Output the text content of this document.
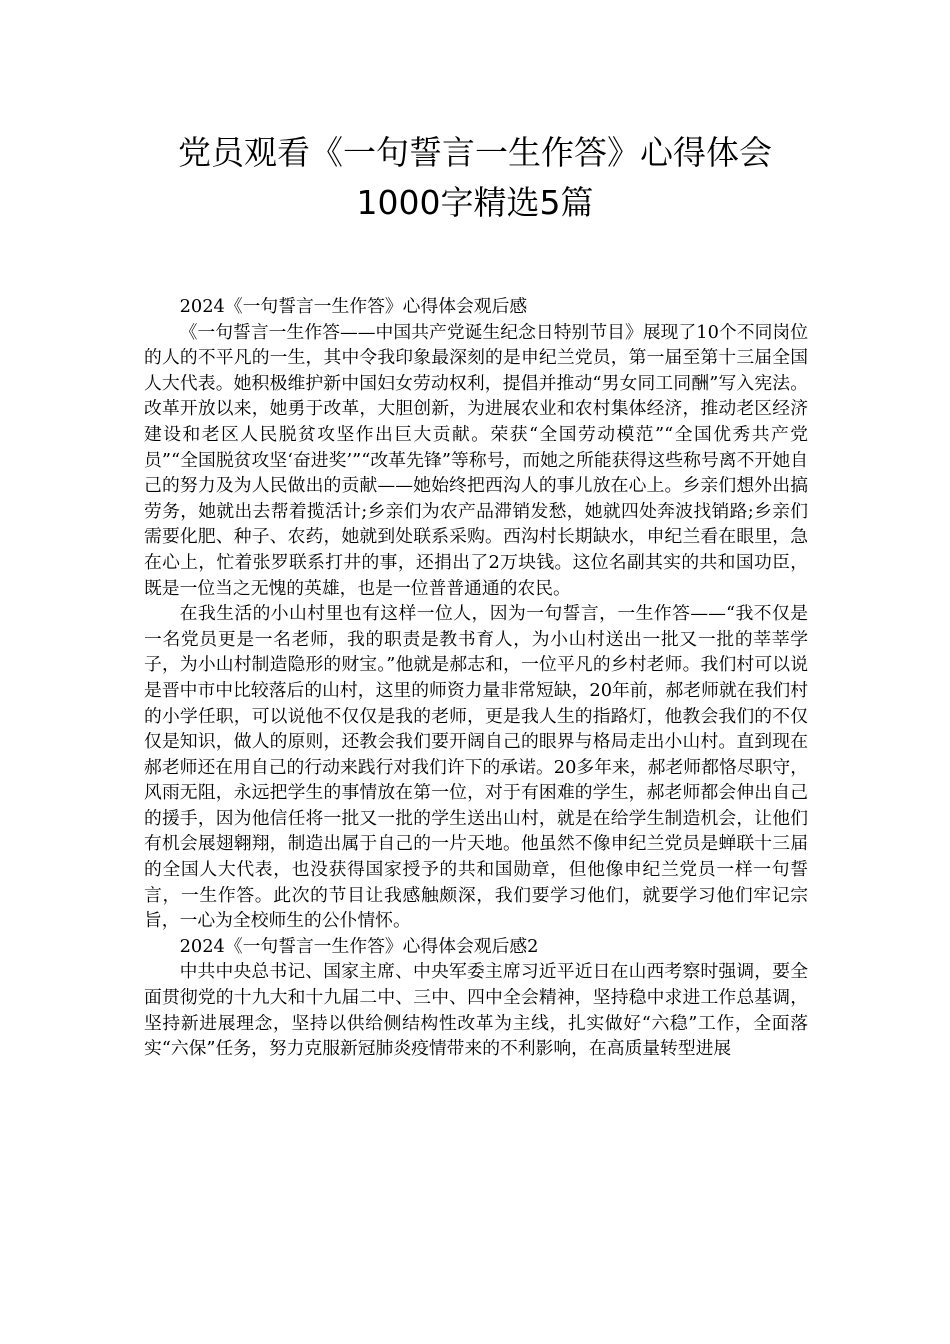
党员观看《一句誓言一生作答》心得体会1000字精选5篇

2024《一句誓言一生作答》心得体会观后感

《一句誓言一生作答——中国共产党诞生纪念日特别节目》展现了10个不同岗位的人的不平凡的一生，其中令我印象最深刻的是申纪兰党员，第一届至第十三届全国人大代表。她积极维护新中国妇女劳动权利，提倡并推动“男女同工同酬”写入宪法。改革开放以来，她勇于改革，大胆创新，为进展农业和农村集体经济，推动老区经济建设和老区人民脱贫攻坚作出巨大贡献。荣获“全国劳动模范”“全国优秀共产党员”“全国脱贫攻坚‘奋进奖’”“改革先锋”等称号，而她之所能获得这些称号离不开她自己的努力及为人民做出的贡献——她始终把西沟人的事儿放在心上。乡亲们想外出搞劳务，她就出去帮着揽活计;乡亲们为农产品滞销发愁，她就四处奔波找销路;乡亲们需要化肥、种子、农药，她就到处联系采购。西沟村长期缺水，申纪兰看在眼里，急在心上，忙着张罗联系打井的事，还捐出了2万块钱。这位名副其实的共和国功臣，既是一位当之无愧的英雄，也是一位普普通通的农民。

在我生活的小山村里也有这样一位人，因为一句誓言，一生作答——“我不仅是一名党员更是一名老师，我的职责是教书育人，为小山村送出一批又一批的莘莘学子，为小山村制造隐形的财宝。”他就是郝志和，一位平凡的乡村老师。我们村可以说是晋中市中比较落后的山村，这里的师资力量非常短缺，20年前，郝老师就在我们村的小学任职，可以说他不仅仅是我的老师，更是我人生的指路灯，他教会我们的不仅仅是知识，做人的原则，还教会我们要开阔自己的眼界与格局走出小山村。直到现在郝老师还在用自己的行动来践行对我们许下的承诺。20多年来，郝老师都恪尽职守，风雨无阻，永远把学生的事情放在第一位，对于有困难的学生，郝老师都会伸出自己的援手，因为他信任将一批又一批的学生送出山村，就是在给学生制造机会，让他们有机会展翅翱翔，制造出属于自己的一片天地。他虽然不像申纪兰党员是蝉联十三届的全国人大代表，也没获得国家授予的共和国勋章，但他像申纪兰党员一样一句誓言，一生作答。此次的节目让我感触颇深，我们要学习他们，就要学习他们牢记宗旨，一心为全校师生的公仆情怀。

2024《一句誓言一生作答》心得体会观后感2

中共中央总书记、国家主席、中央军委主席习近平近日在山西考察时强调，要全面贯彻党的十九大和十九届二中、三中、四中全会精神，坚持稳中求进工作总基调，坚持新进展理念，坚持以供给侧结构性改革为主线，扎实做好“六稳”工作，全面落实“六保”任务，努力克服新冠肺炎疫情带来的不利影响，在高质量转型进展
